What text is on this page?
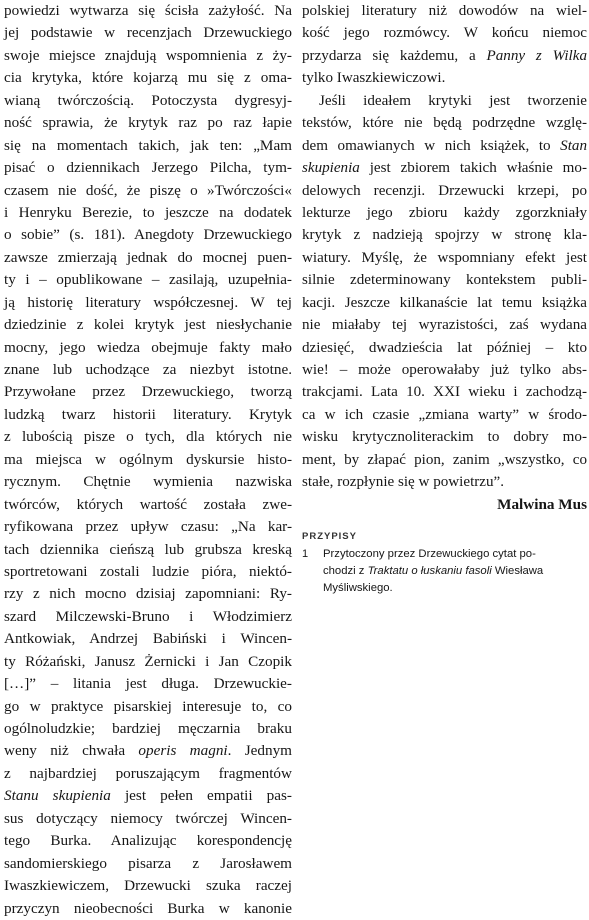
powiedzi wytwarza się ścisła zażyłość. Na
jej podstawie w recenzjach Drzewuckiego
swoje miejsce znajdują wspomnienia z ży-
cia krytyka, które kojarzą mu się z oma-
wianą twórczością. Potoczysta dygresyj-
ność sprawia, że krytyk raz po raz łapie
się na momentach takich, jak ten: „Mam
pisać o dziennikach Jerzego Pilcha, tym-
czasem nie dość, że piszę o »Twórczości«
i Henryku Berezie, to jeszcze na dodatek
o sobie” (s. 181). Anegdoty Drzewuckiego
zawsze zmierzają jednak do mocnej puen-
ty i – opublikowane – zasilają, uzupełnia-
ją historię literatury współczesnej. W tej
dziedzinie z kolei krytyk jest niesłychanie
mocny, jego wiedza obejmuje fakty mało
znane lub uchodzące za niezbyt istotne.
Przywołane przez Drzewuckiego, tworzą
ludzką twarz historii literatury. Krytyk
z lubością pisze o tych, dla których nie
ma miejsca w ogólnym dyskursie histo-
rycznym. Chętnie wymienia nazwiska
twórców, których wartość została zwe-
ryfikowana przez upływ czasu: „Na kar-
tach dziennika cieńszą lub grubsza kreską
sportretowani zostali ludzie pióra, niektó-
rzy z nich mocno dzisiaj zapomniani: Ry-
szard Milczewski-Bruno i Włodzimierz
Antkowiak, Andrzej Babiński i Wincen-
ty Różański, Janusz Żernicki i Jan Czopik
[…]” – litania jest długa. Drzewuckie-
go w praktyce pisarskiej interesuje to, co
ogólnoludzkie; bardziej męczarnia braku
weny niż chwała operis magni. Jednym
z najbardziej poruszającym fragmentów
Stanu skupienia jest pełen empatii pas-
sus dotyczący niemocy twórczej Wincen-
tego Burka. Analizując korespondencję
sandomierskiego pisarza z Jarosławem
Iwaszkiewiczem, Drzewucki szuka raczej
przyczyn nieobecności Burka w kanonie
polskiej literatury niż dowodów na wiel-
kość jego rozmówcy. W końcu niemoc
przydarza się każdemu, a Panny z Wilka
tylko Iwaszkiewiczowi.
Jeśli ideałem krytyki jest tworzenie
tekstów, które nie będą podrzędne wzglę-
dem omawianych w nich książek, to Stan
skupienia jest zbiorem takich właśnie mo-
delowych recenzji. Drzewucki krzepi, po
lekturze jego zbioru każdy zgorzkniały
krytyk z nadzieją spojrzy w stronę kla-
wiatury. Myślę, że wspomniany efekt jest
silnie zdeterminowany kontekstem publi-
kacji. Jeszcze kilkanaście lat temu książka
nie miałaby tej wyrazistości, zaś wydana
dziesięć, dwadzieścia lat później – kto
wie! – może operowałaby już tylko abs-
trakcjami. Lata 10. XXI wieku i zachodzą-
ca w ich czasie „zmiana warty” w środo-
wisku krytycznoliterackim to dobry mo-
ment, by złapać pion, zanim „wszystko, co
stałe, rozpłynie się w powietrzu”.
Malwina Mus
PRZYPISY
1 Przytoczony przez Drzewuckiego cytat po-
chodzi z Traktatu o łuskaniu fasoli Wiesława
Myśliwskiego.
